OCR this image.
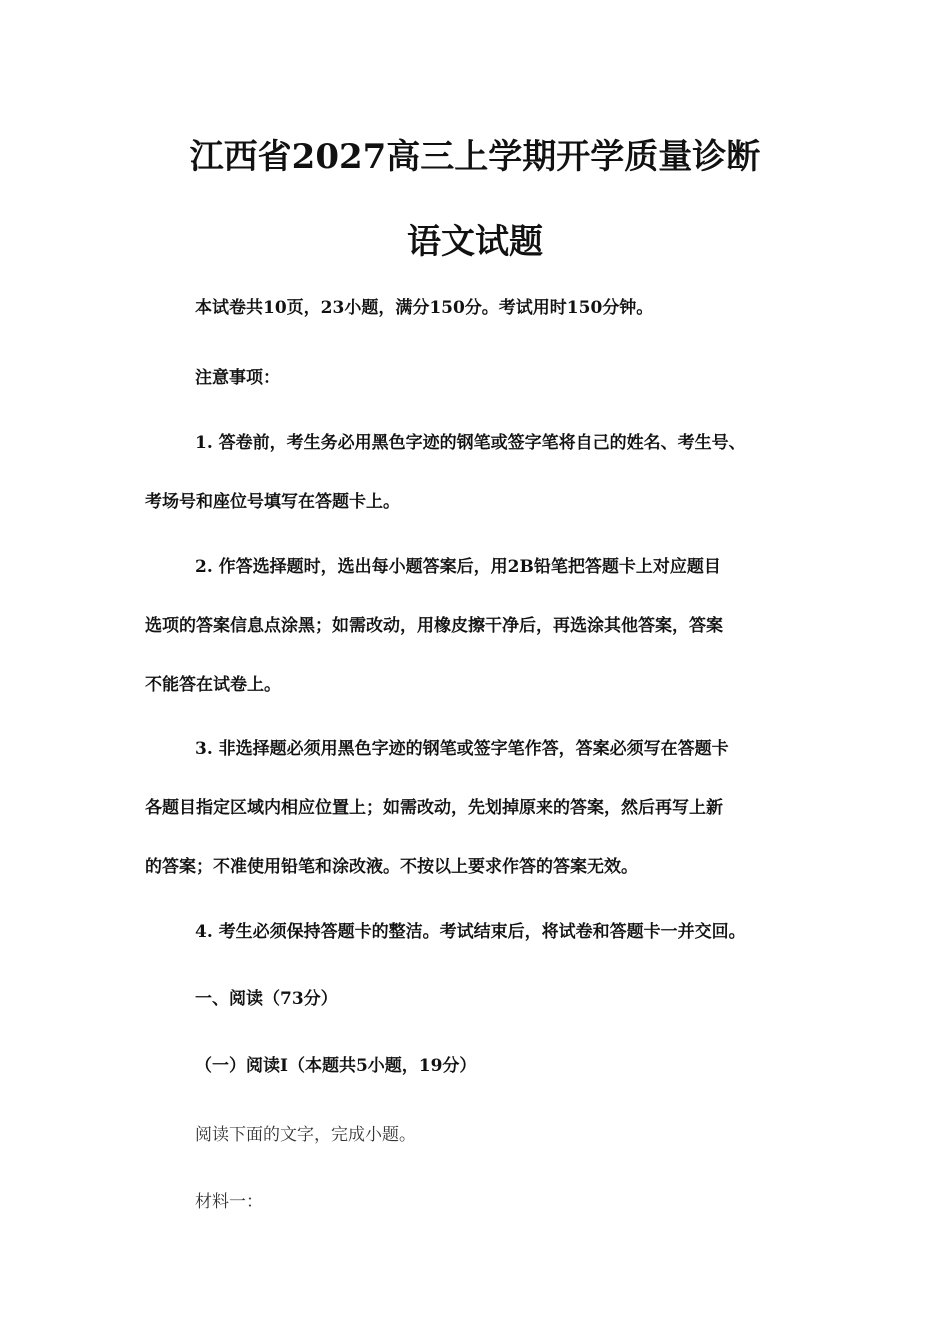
江西省2027高三上学期开学质量诊断
语文试题

本试卷共10页，23小题，满分150分。考试用时150分钟。

注意事项：

1. 答卷前，考生务必用黑色字迹的钢笔或签字笔将自己的姓名、考生号、

考场号和座位号填写在答题卡上。

2. 作答选择题时，选出每小题答案后，用2B铅笔把答题卡上对应题目

选项的答案信息点涂黑；如需改动，用橡皮擦干净后，再选涂其他答案，答案

不能答在试卷上。

3. 非选择题必须用黑色字迹的钢笔或签字笔作答，答案必须写在答题卡

各题目指定区域内相应位置上；如需改动，先划掉原来的答案，然后再写上新

的答案；不准使用铅笔和涂改液。不按以上要求作答的答案无效。

4. 考生必须保持答题卡的整洁。考试结束后，将试卷和答题卡一并交回。

一、阅读（73分）

（一）阅读Ⅰ（本题共5小题，19分）

阅读下面的文字，完成小题。

材料一：
